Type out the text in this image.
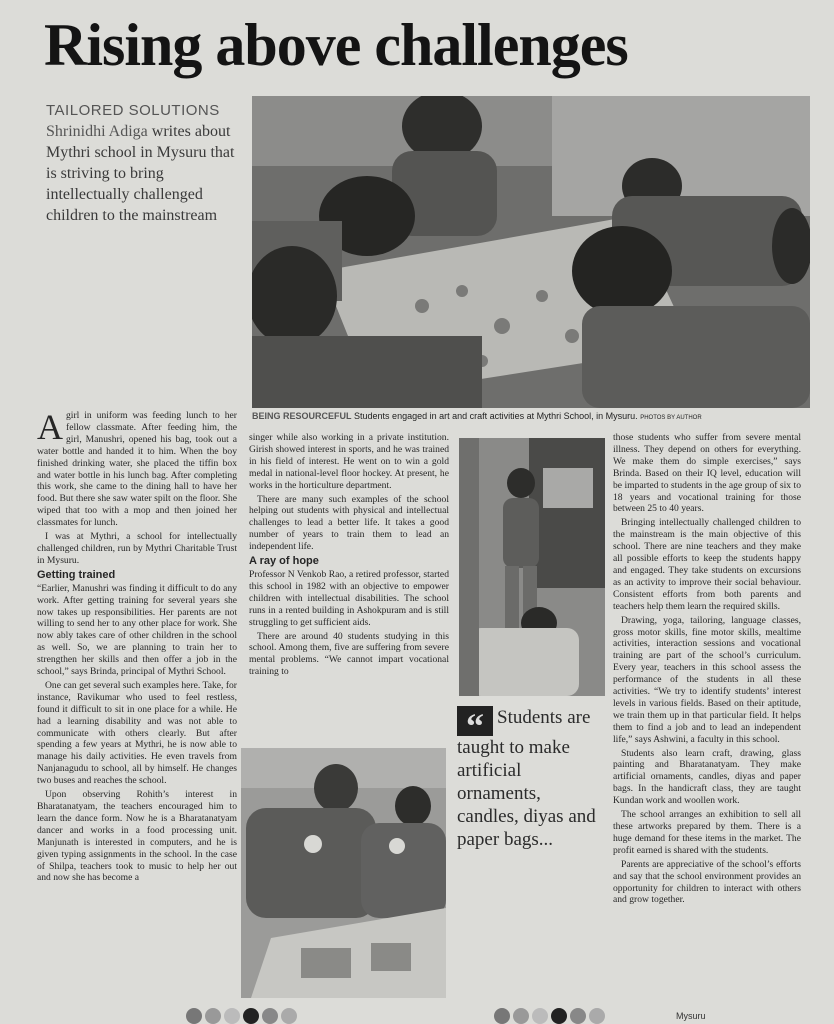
Rising above challenges
TAILORED SOLUTIONS
Shrinidhi Adiga writes about Mythri school in Mysuru that is striving to bring intellectually challenged children to the mainstream
BEING RESOURCEFUL Students engaged in art and craft activities at Mythri School, in Mysuru. PHOTOS BY AUTHOR

Agirl in uniform was feeding lunch to her fellow classmate. After feeding him, the girl, Manushri, opened his bag, took out a water bottle and handed it to him. When the boy finished drinking water, she placed the tiffin box and water bottle in his lunch bag. After completing this work, she came to the dining hall to have her food. But there she saw water spilt on the floor. She wiped that too with a mop and then joined her classmates for lunch.

I was at Mythri, a school for intellectually challenged children, run by Mythri Charitable Trust in Mysuru.

Getting trained

“Earlier, Manushri was finding it difficult to do any work. After getting training for several years she now takes up responsibilities. Her parents are not willing to send her to any other place for work. She now ably takes care of other children in the school as well. So, we are planning to train her to strengthen her skills and then offer a job in the school,” says Brinda, principal of Mythri School.

One can get several such examples here. Take, for instance, Ravikumar who used to feel restless, found it difficult to sit in one place for a while. He had a learning disability and was not able to communicate with others clearly. But after spending a few years at Mythri, he is now able to manage his daily activities. He even travels from Nanjanagudu to school, all by himself. He changes two buses and reaches the school.

Upon observing Rohith’s interest in Bharatanatyam, the teachers encouraged him to learn the dance form. Now he is a Bharatanatyam dancer and works in a food processing unit. Manjunath is interested in computers, and he is given typing assignments in the school. In the case of Shilpa, teachers took to music to help her out and now she has become a

singer while also working in a private institution. Girish showed interest in sports, and he was trained in his field of interest. He went on to win a gold medal in national-level floor hockey. At present, he works in the horticulture department.

There are many such examples of the school helping out students with physical and intellectual challenges to lead a better life. It takes a good number of years to train them to lead an independent life.

A ray of hope

Professor N Venkob Rao, a retired professor, started this school in 1982 with an objective to empower children with intellectual disabilities. The school runs in a rented building in Ashokpuram and is still struggling to get sufficient aids.

There are around 40 students studying in this school. Among them, five are suffering from severe mental problems. “We cannot impart vocational training to

“ Students are taught to make artificial ornaments, candles, diyas and paper bags...

those students who suffer from severe mental illness. They depend on others for everything. We make them do simple exercises,” says Brinda. Based on their IQ level, education will be imparted to students in the age group of six to 18 years and vocational training for those between 25 to 40 years.

Bringing intellectually challenged children to the mainstream is the main objective of this school. There are nine teachers and they make all possible efforts to keep the students happy and engaged. They take students on excursions as an activity to improve their social behaviour. Consistent efforts from both parents and teachers help them learn the required skills.

Drawing, yoga, tailoring, language classes, gross motor skills, fine motor skills, mealtime activities, interaction sessions and vocational training are part of the school’s curriculum. Every year, teachers in this school assess the performance of the students in all these activities. “We try to identify students’ interest levels in various fields. Based on their aptitude, we train them up in that particular field. It helps them to find a job and to lead an independent life,” says Ashwini, a faculty in this school.

Students also learn craft, drawing, glass painting and Bharatanatyam. They make artificial ornaments, candles, diyas and paper bags. In the handicraft class, they are taught Kundan work and woollen work.

The school arranges an exhibition to sell all these artworks prepared by them. There is a huge demand for these items in the market. The profit earned is shared with the students.

Parents are appreciative of the school’s efforts and say that the school environment provides an opportunity for children to interact with others and grow together.

Mysuru
